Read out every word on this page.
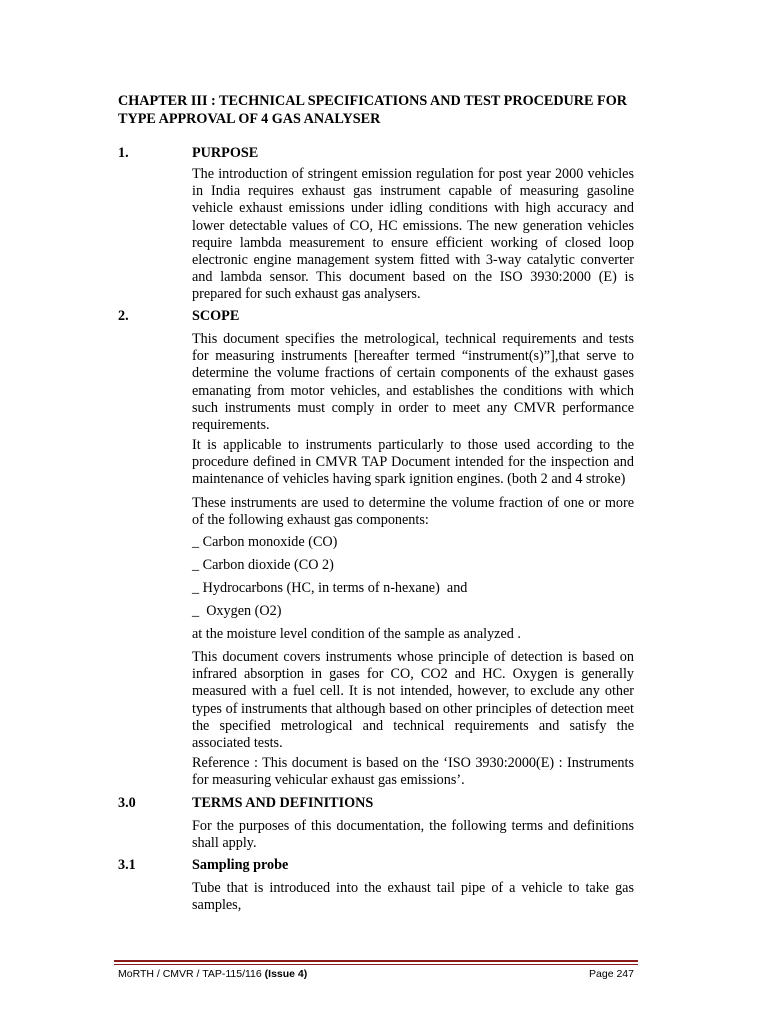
CHAPTER III : TECHNICAL SPECIFICATIONS AND TEST PROCEDURE FOR TYPE APPROVAL OF 4 GAS ANALYSER
1.	PURPOSE
The introduction of stringent emission regulation for post year 2000 vehicles in India requires exhaust gas instrument capable of measuring gasoline vehicle exhaust emissions under idling conditions with high accuracy and lower detectable values of CO, HC emissions. The new generation vehicles require lambda measurement to ensure efficient working of closed loop electronic engine management system fitted with 3-way catalytic converter and lambda sensor. This document based on the ISO 3930:2000 (E) is prepared for such exhaust gas analysers.
2.	SCOPE
This document specifies the metrological, technical requirements and tests for measuring instruments [hereafter termed “instrument(s)”],that serve to determine the volume fractions of certain components of the exhaust gases emanating from motor vehicles, and establishes the conditions with which such instruments must comply in order to meet any CMVR performance requirements.
It is applicable to instruments particularly to those used according to the procedure defined in CMVR TAP Document intended for the inspection and maintenance of vehicles having spark ignition engines. (both 2 and 4 stroke)
These instruments are used to determine the volume fraction of one or more of the following exhaust gas components:
_ Carbon monoxide (CO)
_ Carbon dioxide (CO 2)
_ Hydrocarbons (HC, in terms of n-hexane)  and
_  Oxygen (O2)
at the moisture level condition of the sample as analyzed .
This document covers instruments whose principle of detection is based on infrared absorption in gases for CO, CO2 and HC. Oxygen is generally measured with a fuel cell. It is not intended, however, to exclude any other types of instruments that although based on other principles of detection meet the specified metrological and technical requirements and satisfy the associated tests.
Reference : This document is based on the ‘ISO 3930:2000(E) : Instruments for measuring vehicular exhaust gas emissions’.
3.0	TERMS AND DEFINITIONS
For the purposes of this documentation, the following terms and definitions shall apply.
3.1	Sampling probe
Tube that is introduced into the exhaust tail pipe of a vehicle to take gas samples,
MoRTH / CMVR / TAP-115/116 (Issue 4)	Page 247
